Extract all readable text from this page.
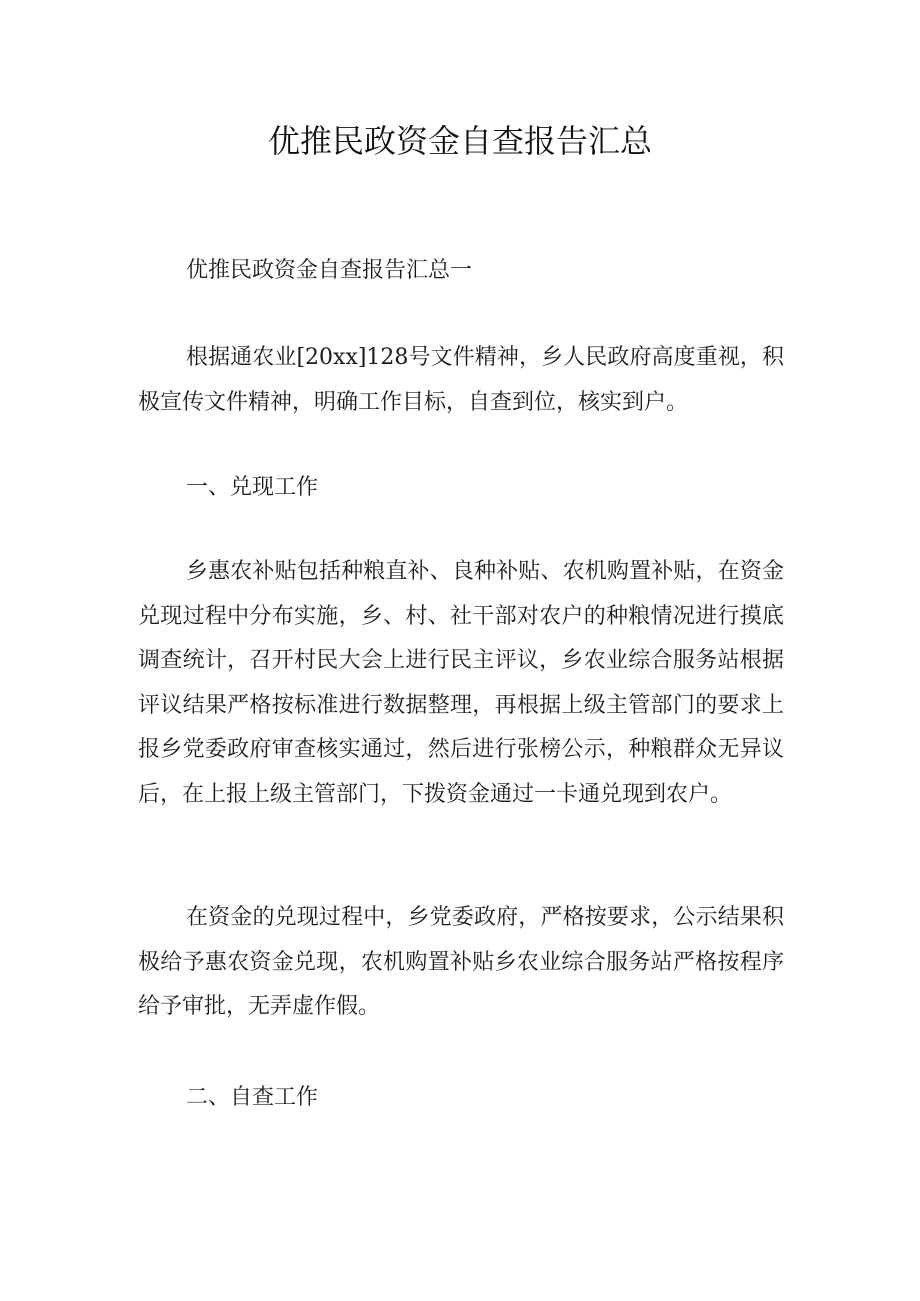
优推民政资金自查报告汇总

优推民政资金自查报告汇总一

根据通农业[20xx]128号文件精神，乡人民政府高度重视，积极宣传文件精神，明确工作目标，自查到位，核实到户。

一、兑现工作

乡惠农补贴包括种粮直补、良种补贴、农机购置补贴，在资金兑现过程中分布实施，乡、村、社干部对农户的种粮情况进行摸底调查统计，召开村民大会上进行民主评议，乡农业综合服务站根据评议结果严格按标准进行数据整理，再根据上级主管部门的要求上报乡党委政府审查核实通过，然后进行张榜公示，种粮群众无异议后，在上报上级主管部门，下拨资金通过一卡通兑现到农户。

在资金的兑现过程中，乡党委政府，严格按要求，公示结果积极给予惠农资金兑现，农机购置补贴乡农业综合服务站严格按程序给予审批，无弄虚作假。

二、自查工作
